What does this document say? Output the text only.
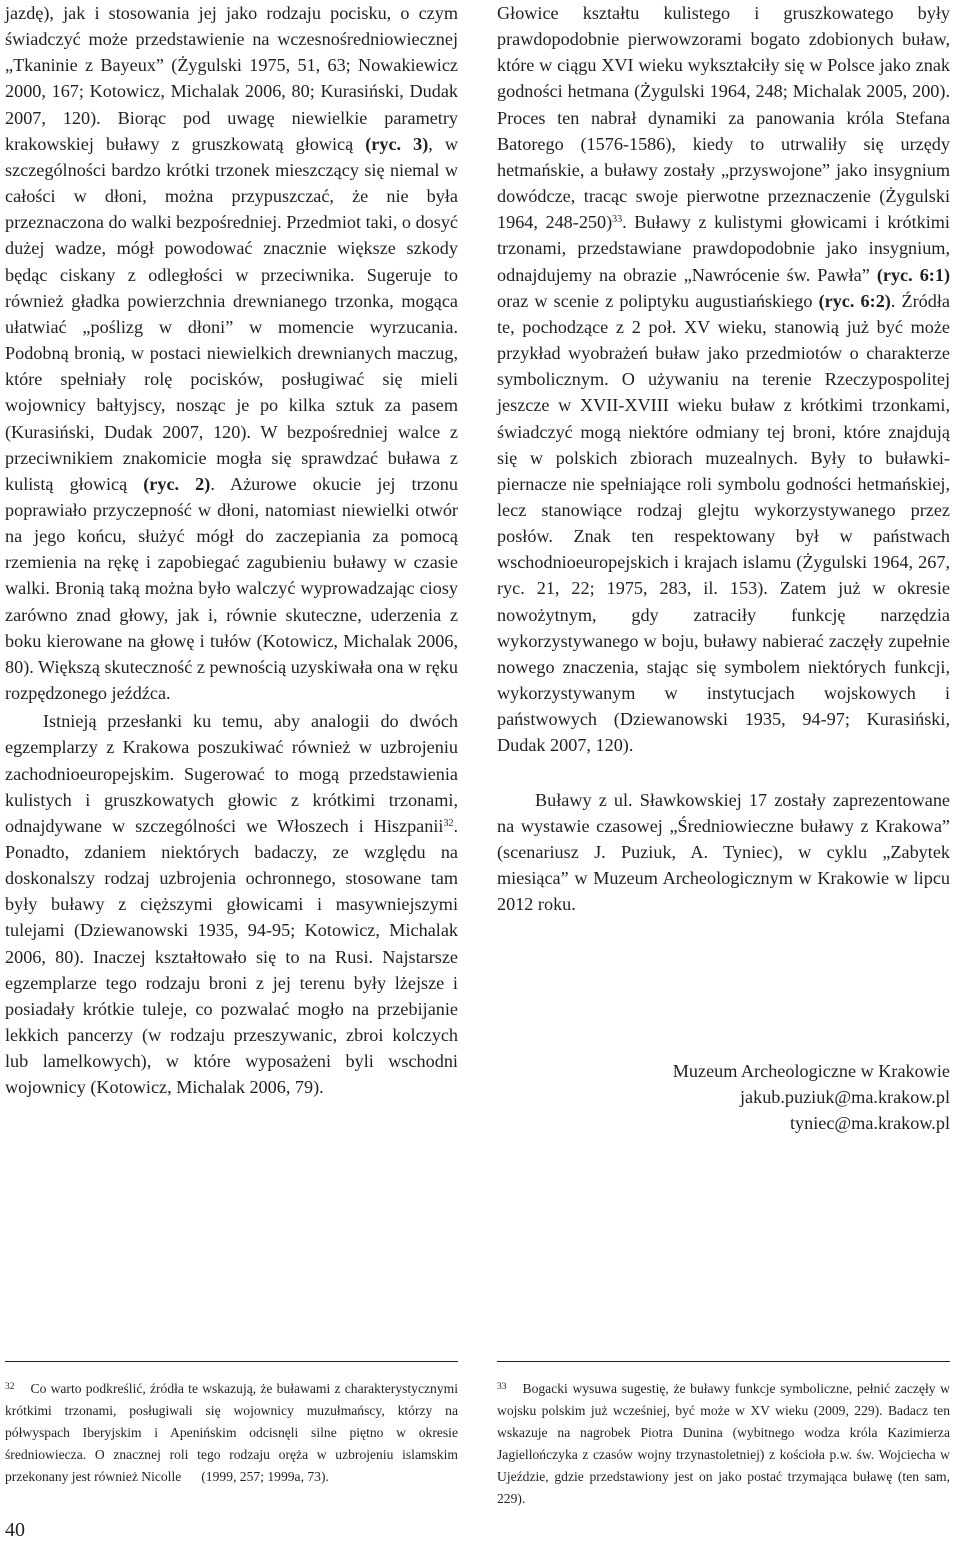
jazdę), jak i stosowania jej jako rodzaju pocisku, o czym świadczyć może przedstawienie na wczesnośredniowiecznej „Tkaninie z Bayeux” (Żygulski 1975, 51, 63; Nowakiewicz 2000, 167; Kotowicz, Michalak 2006, 80; Kurasiński, Dudak 2007, 120). Biorąc pod uwagę niewielkie parametry krakowskiej buławy z gruszkowatą głowicą (ryc. 3), w szczególności bardzo krótki trzonek mieszczący się niemal w całości w dłoni, można przypuszczać, że nie była przeznaczona do walki bezpośredniej. Przedmiot taki, o dosyć dużej wadze, mógł powodować znacznie większe szkody będąc ciskany z odległości w przeciwnika. Sugeruje to również gładka powierzchnia drewnianego trzonka, mogąca ułatwiać „poślizg w dłoni” w momencie wyrzucania. Podobną bronią, w postaci niewielkich drewnianych maczug, które spełniały rolę pocisków, posługiwać się mieli wojownicy bałtyjscy, nosząc je po kilka sztuk za pasem (Kurasiński, Dudak 2007, 120). W bezpośredniej walce z przeciwnikiem znakomicie mogła się sprawdzać buława z kulistą głowicą (ryc. 2). Ażurowe okucie jej trzonu poprawiało przyczepność w dłoni, natomiast niewielki otwór na jego końcu, służyć mógł do zaczepiania za pomocą rzemienia na rękę i zapobiegać zagubieniu buławy w czasie walki. Bronią taką można było walczyć wyprowadzając ciosy zarówno znad głowy, jak i, równie skuteczne, uderzenia z boku kierowane na głowę i tułów (Kotowicz, Michalak 2006, 80). Większą skuteczność z pewnością uzyskiwała ona w ręku rozpędzonego jeźdźca.

Istnieją przesłanki ku temu, aby analogii do dwóch egzemplarzy z Krakowa poszukiwać również w uzbrojeniu zachodnioeuropejskim. Sugerować to mogą przedstawienia kulistych i gruszkowatych głowic z krótkimi trzonami, odnajdywane w szczególności we Włoszech i Hiszpanii$^{32}$. Ponadto, zdaniem niektórych badaczy, ze względu na doskonalszy rodzaj uzbrojenia ochronnego, stosowane tam były buławy z cięższymi głowicami i masywniejszymi tulejami (Dziewanowski 1935, 94-95; Kotowicz, Michalak 2006, 80). Inaczej kształtowało się to na Rusi. Najstarsze egzemplarze tego rodzaju broni z jej terenu były lżejsze i posiadały krótkie tuleje, co pozwalać mogło na przebijanie lekkich pancerzy (w rodzaju przeszywanic, zbroi kolczych lub lamelkowych), w które wyposażeni byli wschodni wojownicy (Kotowicz, Michalak 2006, 79).

Głowice kształtu kulistego i gruszkowatego były prawdopodobnie pierwowzorami bogato zdobionych buław, które w ciągu XVI wieku wykształciły się w Polsce jako znak godności hetmana (Żygulski 1964, 248; Michalak 2005, 200). Proces ten nabrał dynamiki za panowania króla Stefana Batorego (1576-1586), kiedy to utrwaliły się urzędy hetmańskie, a buławy zostały „przyswojone” jako insygnium dowódcze, tracąc swoje pierwotne przeznaczenie (Żygulski 1964, 248-250)$^{33}$. Buławy z kulistymi głowicami i krótkimi trzonami, przedstawiane prawdopodobnie jako insygnium, odnajdujemy na obrazie „Nawrócenie św. Pawła” (ryc. 6:1) oraz w scenie z poliptyku augustiańskiego (ryc. 6:2). Źródła te, pochodzące z 2 poł. XV wieku, stanowią już być może przykład wyobrażeń buław jako przedmiotów o charakterze symbolicznym. O używaniu na terenie Rzeczypospolitej jeszcze w XVII-XVIII wieku buław z krótkimi trzonkami, świadczyć mogą niektóre odmiany tej broni, które znajdują się w polskich zbiorach muzealnych. Były to buławki-piernacze nie spełniające roli symbolu godności hetmańskiej, lecz stanowiące rodzaj glejtu wykorzystywanego przez posłów. Znak ten respektowany był w państwach wschodnioeuropejskich i krajach islamu (Żygulski 1964, 267, ryc. 21, 22; 1975, 283, il. 153). Zatem już w okresie nowożytnym, gdy zatraciły funkcję narzędzia wykorzystywanego w boju, buławy nabierać zaczęły zupełnie nowego znaczenia, stając się symbolem niektórych funkcji, wykorzystywanym w instytucjach wojskowych i państwowych (Dziewanowski 1935, 94-97; Kurasiński, Dudak 2007, 120).

Buławy z ul. Sławkowskiej 17 zostały zaprezentowane na wystawie czasowej „Średniowieczne buławy z Krakowa” (scenariusz J. Puziuk, A. Tyniec), w cyklu „Zabytek miesiąca” w Muzeum Archeologicznym w Krakowie w lipcu 2012 roku.

Muzeum Archeologiczne w Krakowie
jakub.puziuk@ma.krakow.pl
tyniec@ma.krakow.pl

$^{32}$ Co warto podkreślić, źródła te wskazują, że buławami z charakterystycznymi krótkimi trzonami, posługiwali się wojownicy muzułmańscy, którzy na półwyspach Iberyjskim i Apenińskim odcisnęli silne piętno w okresie średniowiecza. O znacznej roli tego rodzaju oręża w uzbrojeniu islamskim przekonany jest również Nicolle (1999, 257; 1999a, 73).

$^{33}$ Bogacki wysuwa sugestię, że buławy funkcje symboliczne, pełnić zaczęły w wojsku polskim już wcześniej, być może w XV wieku (2009, 229). Badacz ten wskazuje na nagrobek Piotra Dunina (wybitnego wodza króla Kazimierza Jagiellończyka z czasów wojny trzynastoletniej) z kościoła p.w. św. Wojciecha w Ujeździe, gdzie przedstawiony jest on jako postać trzymająca buławę (ten sam, 229).

40
